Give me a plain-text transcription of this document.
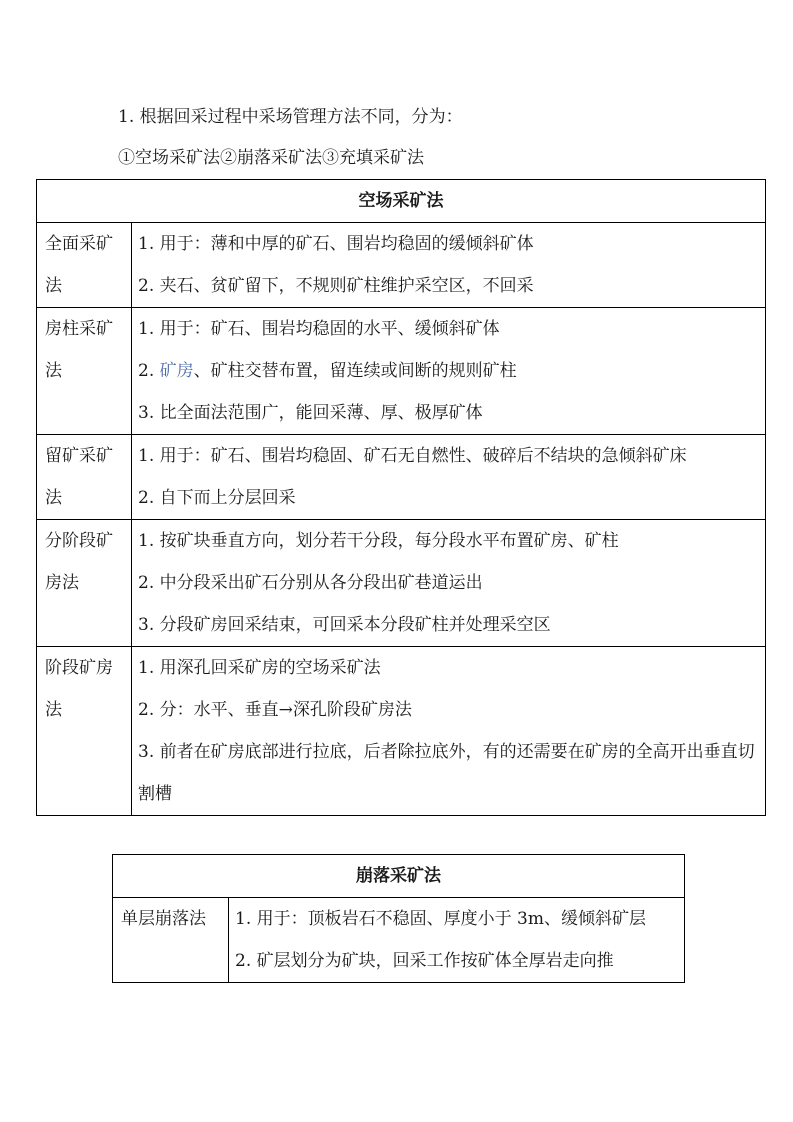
1. 根据回采过程中采场管理方法不同，分为：
①空场采矿法②崩落采矿法③充填采矿法
空场采矿法	
全面采矿法	1. 用于：薄和中厚的矿石、围岩均稳固的缓倾斜矿体
2. 夹石、贫矿留下，不规则矿柱维护采空区，不回采

房柱采矿法	1. 用于：矿石、围岩均稳固的水平、缓倾斜矿体
2. 矿房、矿柱交替布置，留连续或间断的规则矿柱
3. 比全面法范围广，能回采薄、厚、极厚矿体

留矿采矿法	1. 用于：矿石、围岩均稳固、矿石无自燃性、破碎后不结块的急倾斜矿床
2. 自下而上分层回采

分阶段矿房法	1. 按矿块垂直方向，划分若干分段，每分段水平布置矿房、矿柱
2. 中分段采出矿石分别从各分段出矿巷道运出
3. 分段矿房回采结束，可回采本分段矿柱并处理采空区

阶段矿房法	1. 用深孔回采矿房的空场采矿法
2. 分：水平、垂直→深孔阶段矿房法
3. 前者在矿房底部进行拉底，后者除拉底外，有的还需要在矿房的全高开出垂直切割槽
崩落采矿法
单层崩落法	1. 用于：顶板岩石不稳固、厚度小于 3m、缓倾斜矿层
2. 矿层划分为矿块，回采工作按矿体全厚岩走向推
